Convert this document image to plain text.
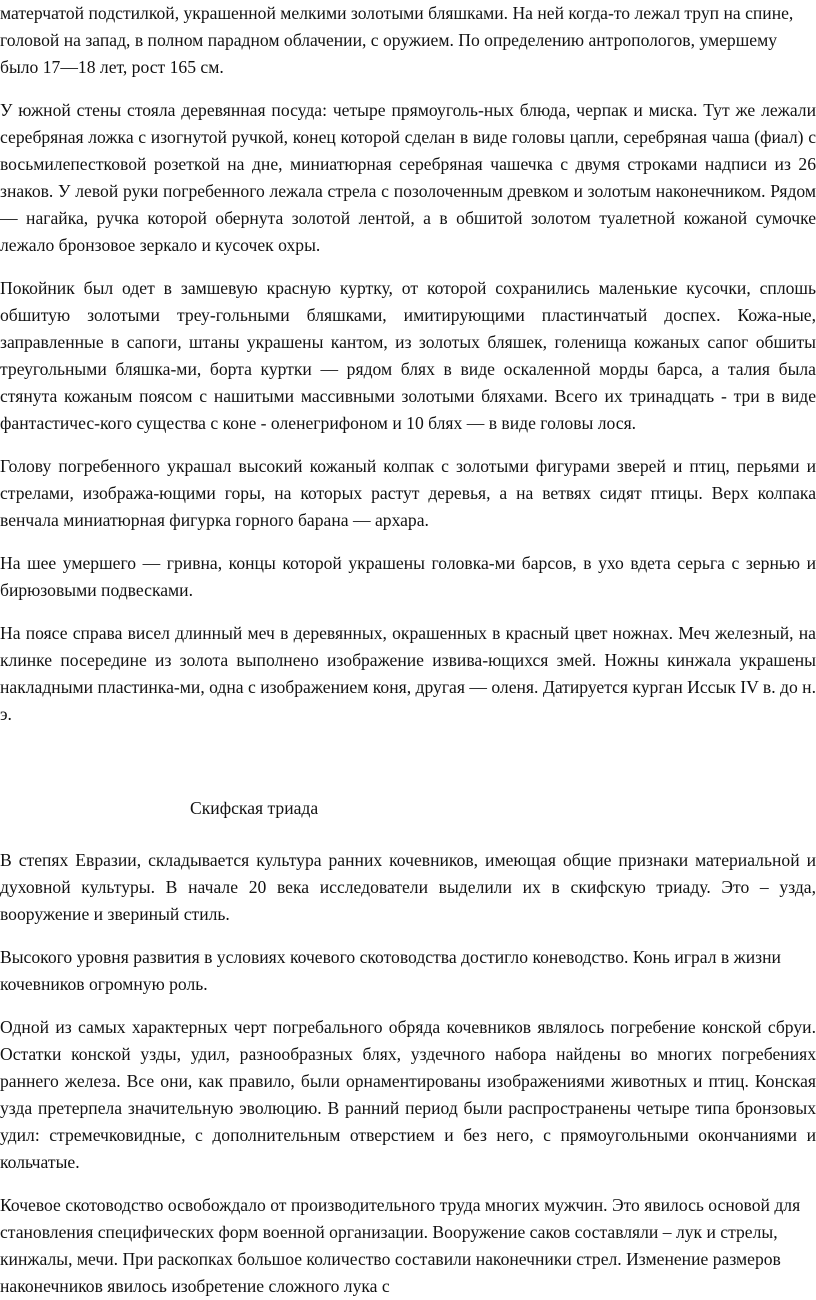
матерчатой подстилкой, украшенной мелкими золотыми бляшками. На ней когда-то лежал труп на спине, головой на запад, в полном парадном облачении, с оружием. По определению антропологов, умершему было 17—18 лет, рост 165 см.

У южной стены стояла деревянная посуда: четыре прямоуголь-ных блюда, черпак и миска. Тут же лежали серебряная ложка с изогнутой ручкой, конец которой сделан в виде головы цапли, серебряная чаша (фиал) с восьмилепестковой розеткой на дне, миниатюрная серебряная чашечка с двумя строками надписи из 26 знаков. У левой руки погребенного лежала стрела с позолоченным древком и золотым наконечником. Рядом — нагайка, ручка которой обернута золотой лентой, а в обшитой золотом туалетной кожаной сумочке лежало бронзовое зеркало и кусочек охры.

Покойник был одет в замшевую красную куртку, от которой сохранились маленькие кусочки, сплошь обшитую золотыми треу-гольными бляшками, имитирующими пластинчатый доспех. Кожа-ные, заправленные в сапоги, штаны украшены кантом, из золотых бляшек, голенища кожаных сапог обшиты треугольными бляшка-ми, борта куртки — рядом блях в виде оскаленной морды барса, а талия была стянута кожаным поясом с нашитыми массивными золотыми бляхами. Всего их тринадцать - три в виде фантастичес-кого существа с коне - оленегрифоном и 10 блях — в виде головы лося.

Голову погребенного украшал высокий кожаный колпак с золотыми фигурами зверей и птиц, перьями и стрелами, изобража-ющими горы, на которых растут деревья, а на ветвях сидят птицы. Верх колпака венчала миниатюрная фигурка горного барана — архара.

На шее умершего — гривна, концы которой украшены головка-ми барсов, в ухо вдета серьга с зернью и бирюзовыми подвесками.

На поясе справа висел длинный меч в деревянных, окрашенных в красный цвет ножнах. Меч железный, на клинке посередине из золота выполнено изображение извива-ющихся змей. Ножны кинжала украшены накладными пластинка-ми, одна с изображением коня, другая — оленя. Датируется курган Иссык IV в. до н. э.

Скифская триада

В степях Евразии, складывается культура ранних кочевников, имеющая общие признаки материальной и духовной культуры. В начале 20 века исследователи выделили их в скифскую триаду. Это – узда, вооружение и звериный стиль.

Высокого уровня развития в условиях кочевого скотоводства достигло коневодство. Конь играл в жизни кочевников огромную роль.

Одной из самых характерных черт погребального обряда кочевников являлось погребение конской сбруи. Остатки конской узды, удил, разнообразных блях, уздечного набора найдены во многих погребениях раннего железа. Все они, как правило, были орнаментированы изображениями животных и птиц. Конская узда претерпела значительную эволюцию. В ранний период были распространены четыре типа бронзовых удил: стремечковидные, с дополнительным отверстием и без него, с прямоугольными окончаниями и кольчатые.

Кочевое скотоводство освобождало от производительного труда многих мужчин. Это явилось основой для становления специфических форм военной организации. Вооружение саков составляли – лук и стрелы, кинжалы, мечи. При раскопках большое количество составили наконечники стрел. Изменение размеров наконечников явилось изобретение сложного лука с
